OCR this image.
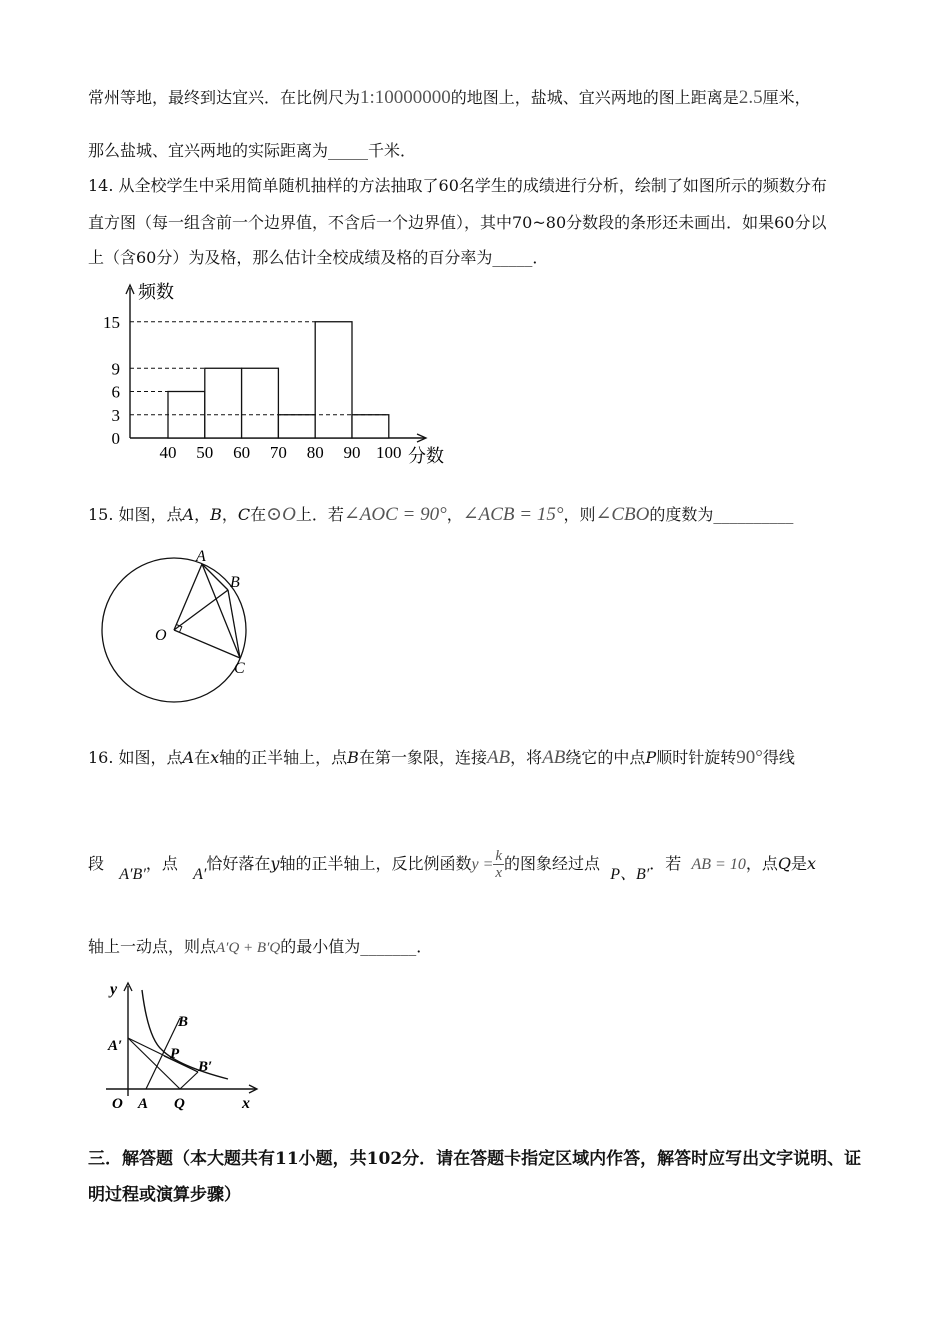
常州等地，最终到达宜兴．在比例尺为1:10000000的地图上，盐城、宜兴两地的图上距离是2.5厘米，
那么盐城、宜兴两地的实际距离为_____千米．
14. 从全校学生中采用简单随机抽样的方法抽取了60名学生的成绩进行分析，绘制了如图所示的频数分布
直方图（每一组含前一个边界值，不含后一个边界值），其中70~80分数段的条形还未画出．如果60分以
上（含60分）为及格，那么估计全校成绩及格的百分率为_____．
0
3
6
9
15
40 50 60 70 80 90 100
频数
分数
15. 如图，点A，B，C在⊙O上．若∠AOC = 90°，∠ACB = 15°，则∠CBO的度数为__________
A
B
O
C
16. 如图，点A在x轴的正半轴上，点B在第一象限，连接AB，将AB绕它的中点P顺时针旋转90°得线
段   A′B′，点   A′恰好落在y轴的正半轴上，反比例函数$y = \frac{k}{x}$ 的图象经过点  P、B′．若 AB = 10，点Q是x
轴上一动点，则点A′Q + B′Q的最小值为_______．
y
B
A′	P
B′
O A Q	x
三．解答题（本大题共有11小题，共102分．请在答题卡指定区域内作答，解答时应写出文字说明、证明过程或演算步骤）
